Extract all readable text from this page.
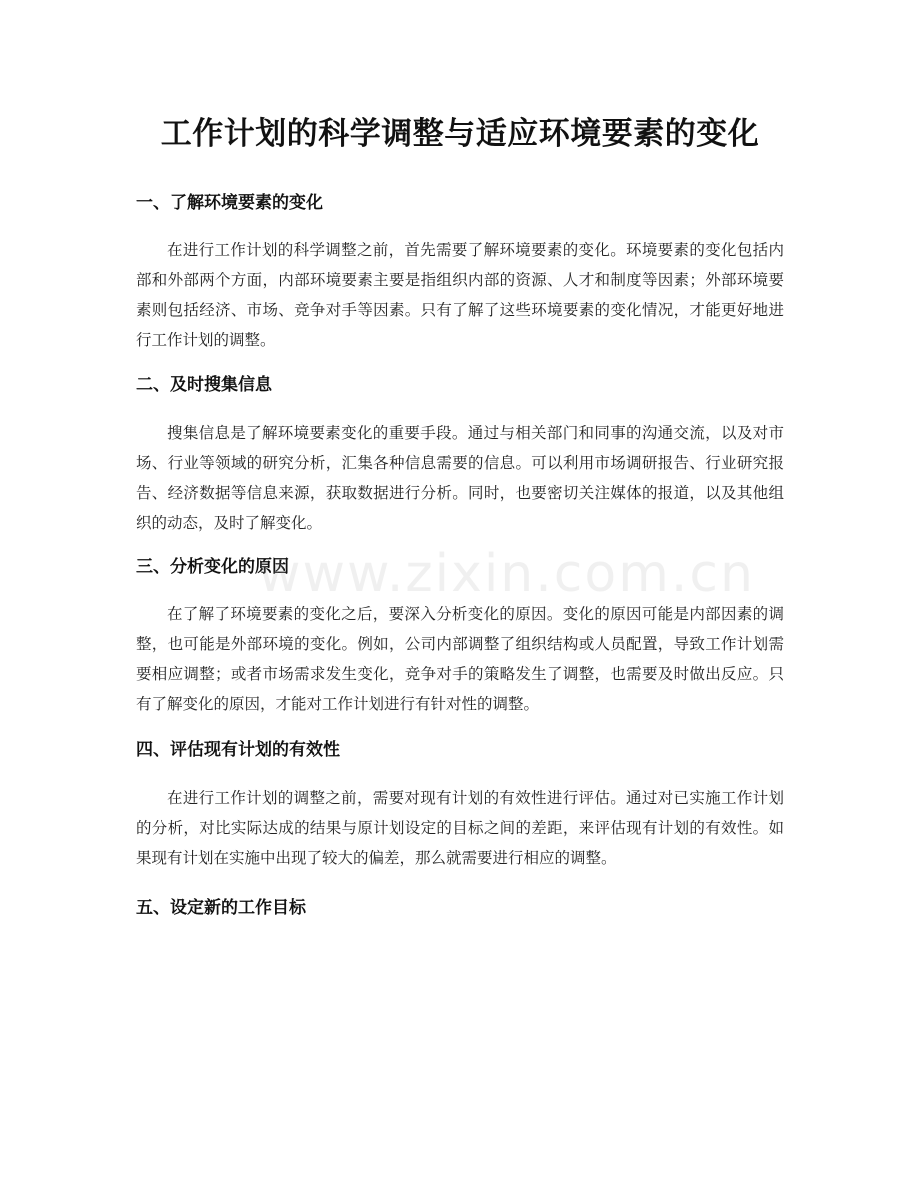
工作计划的科学调整与适应环境要素的变化
一、了解环境要素的变化

在进行工作计划的科学调整之前，首先需要了解环境要素的变化。环境要素的变化包括内部和外部两个方面，内部环境要素主要是指组织内部的资源、人才和制度等因素；外部环境要素则包括经济、市场、竞争对手等因素。只有了解了这些环境要素的变化情况，才能更好地进行工作计划的调整。

二、及时搜集信息

搜集信息是了解环境要素变化的重要手段。通过与相关部门和同事的沟通交流，以及对市场、行业等领域的研究分析，汇集各种信息需要的信息。可以利用市场调研报告、行业研究报告、经济数据等信息来源，获取数据进行分析。同时，也要密切关注媒体的报道，以及其他组织的动态，及时了解变化。

三、分析变化的原因

在了解了环境要素的变化之后，要深入分析变化的原因。变化的原因可能是内部因素的调整，也可能是外部环境的变化。例如，公司内部调整了组织结构或人员配置，导致工作计划需要相应调整；或者市场需求发生变化，竞争对手的策略发生了调整，也需要及时做出反应。只有了解变化的原因，才能对工作计划进行有针对性的调整。

四、评估现有计划的有效性

在进行工作计划的调整之前，需要对现有计划的有效性进行评估。通过对已实施工作计划的分析，对比实际达成的结果与原计划设定的目标之间的差距，来评估现有计划的有效性。如果现有计划在实施中出现了较大的偏差，那么就需要进行相应的调整。

五、设定新的工作目标
www.zixin.com.cn
